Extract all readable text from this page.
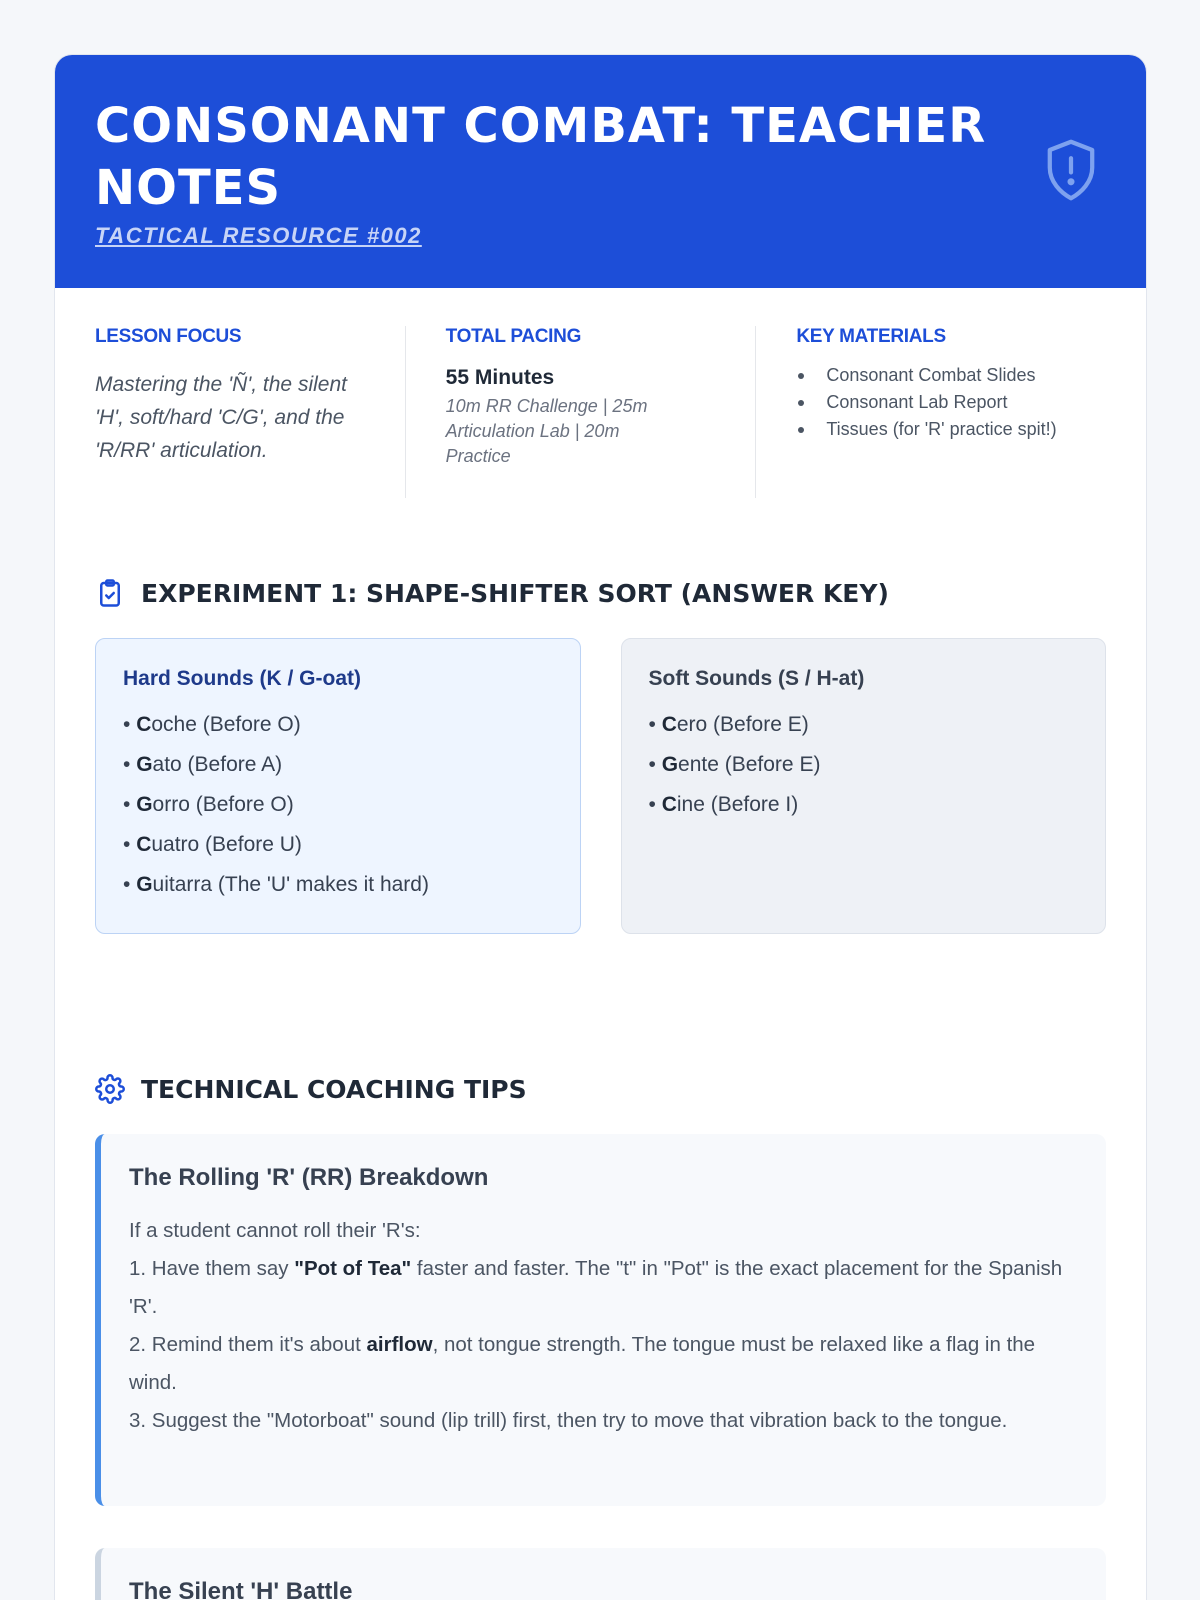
CONSONANT COMBAT: TEACHER NOTES
TACTICAL RESOURCE #002
LESSON FOCUS
Mastering the 'Ñ', the silent 'H', soft/hard 'C/G', and the 'R/RR' articulation.
TOTAL PACING
55 Minutes
10m RR Challenge | 25m Articulation Lab | 20m Practice
KEY MATERIALS
Consonant Combat Slides
Consonant Lab Report
Tissues (for 'R' practice spit!)
EXPERIMENT 1: SHAPE-SHIFTER SORT (ANSWER KEY)
Hard Sounds (K / G-oat)
• Coche (Before O)
• Gato (Before A)
• Gorro (Before O)
• Cuatro (Before U)
• Guitarra (The 'U' makes it hard)
Soft Sounds (S / H-at)
• Cero (Before E)
• Gente (Before E)
• Cine (Before I)
TECHNICAL COACHING TIPS
The Rolling 'R' (RR) Breakdown
If a student cannot roll their 'R's:
1. Have them say "Pot of Tea" faster and faster. The "t" in "Pot" is the exact placement for the Spanish 'R'.
2. Remind them it's about airflow, not tongue strength. The tongue must be relaxed like a flag in the wind.
3. Suggest the "Motorboat" sound (lip trill) first, then try to move that vibration back to the tongue.
The Silent 'H' Battle
